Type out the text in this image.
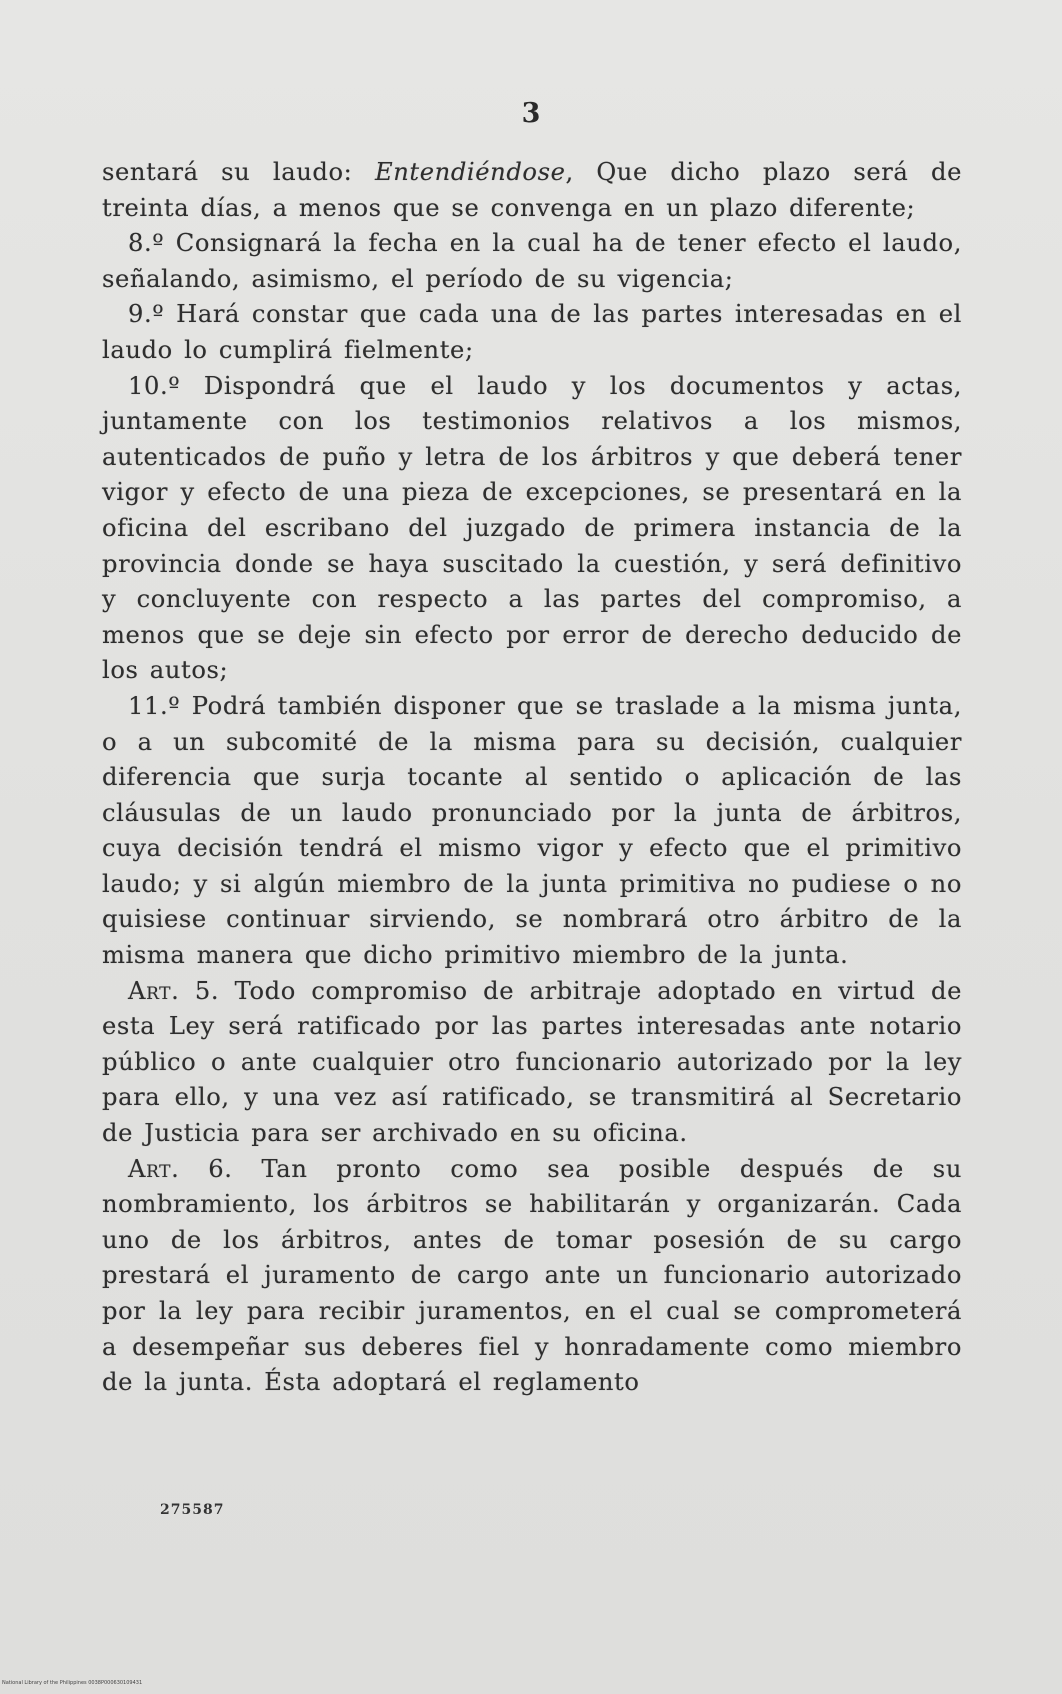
3

sentará su laudo: Entendiéndose, Que dicho plazo será de treinta días, a menos que se convenga en un plazo diferente;

8.º Consignará la fecha en la cual ha de tener efecto el laudo, señalando, asimismo, el período de su vigencia;

9.º Hará constar que cada una de las partes interesadas en el laudo lo cumplirá fielmente;

10.º Dispondrá que el laudo y los documentos y actas, juntamente con los testimonios relativos a los mismos, autenticados de puño y letra de los árbitros y que deberá tener vigor y efecto de una pieza de excepciones, se presentará en la oficina del escribano del juzgado de primera instancia de la provincia donde se haya suscitado la cuestión, y será definitivo y concluyente con respecto a las partes del compromiso, a menos que se deje sin efecto por error de derecho deducido de los autos;

11.º Podrá también disponer que se traslade a la misma junta, o a un subcomité de la misma para su decisión, cualquier diferencia que surja tocante al sentido o aplicación de las cláusulas de un laudo pronunciado por la junta de árbitros, cuya decisión tendrá el mismo vigor y efecto que el primitivo laudo; y si algún miembro de la junta primitiva no pudiese o no quisiese continuar sirviendo, se nombrará otro árbitro de la misma manera que dicho primitivo miembro de la junta.

Art. 5. Todo compromiso de arbitraje adoptado en virtud de esta Ley será ratificado por las partes interesadas ante notario público o ante cualquier otro funcionario autorizado por la ley para ello, y una vez así ratificado, se transmitirá al Secretario de Justicia para ser archivado en su oficina.

Art. 6. Tan pronto como sea posible después de su nombramiento, los árbitros se habilitarán y organizarán. Cada uno de los árbitros, antes de tomar posesión de su cargo prestará el juramento de cargo ante un funcionario autorizado por la ley para recibir juramentos, en el cual se comprometerá a desempeñar sus deberes fiel y honradamente como miembro de la junta. Ésta adoptará el reglamento

275587
National Library of the Philippines 0038P000630109431
